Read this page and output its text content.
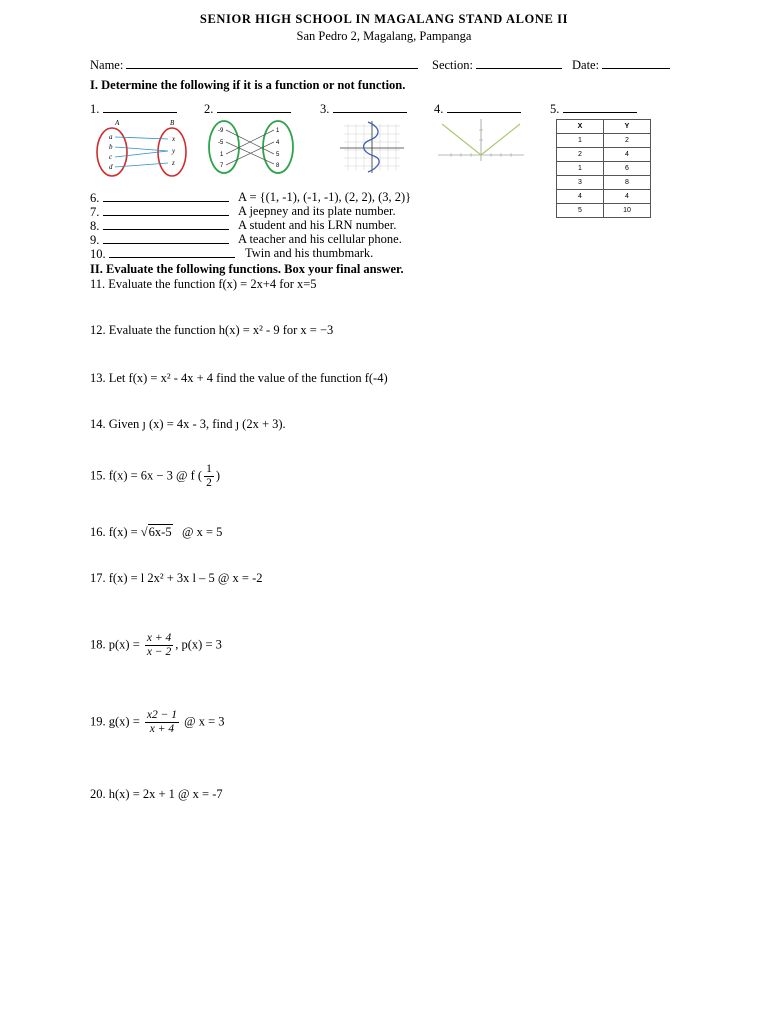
SENIOR HIGH SCHOOL IN MAGALANG STAND ALONE II
San Pedro 2, Magalang, Pampanga
Name:	Section:	Date:
I. Determine the following if it is a function or not function.
1.	2.	3.	4.	5.
A	B
a
b
c
d
x
y
z
-9
-5
1
7
1
4
5
8
X	Y
1	2
2	4
1	6
3	8
4	4
5	10
6.	A = {(1, -1), (-1, -1), (2, 2), (3, 2)}
7.	A jeepney and its plate number.
8.	A student and his LRN number.
9.	A teacher and his cellular phone.
10.	Twin and his thumbmark.
II. Evaluate the following functions. Box your final answer.
11. Evaluate the function f(x) = 2x+4 for x=5
12. Evaluate the function h(x) = x² - 9 for x = −3
13. Let f(x) = x² - 4x + 4 find the value of the function f(-4)
14. Given ȷ (x) = 4x - 3, find ȷ (2x + 3).
15. f(x) = 6x − 3 @ f ( $\frac{1}{2}$ )
16. f(x) = √6x-5   @ x = 5
17. f(x) = l 2x² + 3x l – 5 @ x = -2
18. $p(x) = \frac{x + 4}{x - 2}$ , p(x) = 3
19. $g(x) = \frac{x2 - 1}{x + 4}$ @ x = 3
20. h(x) = 2x + 1 @ x = -7
